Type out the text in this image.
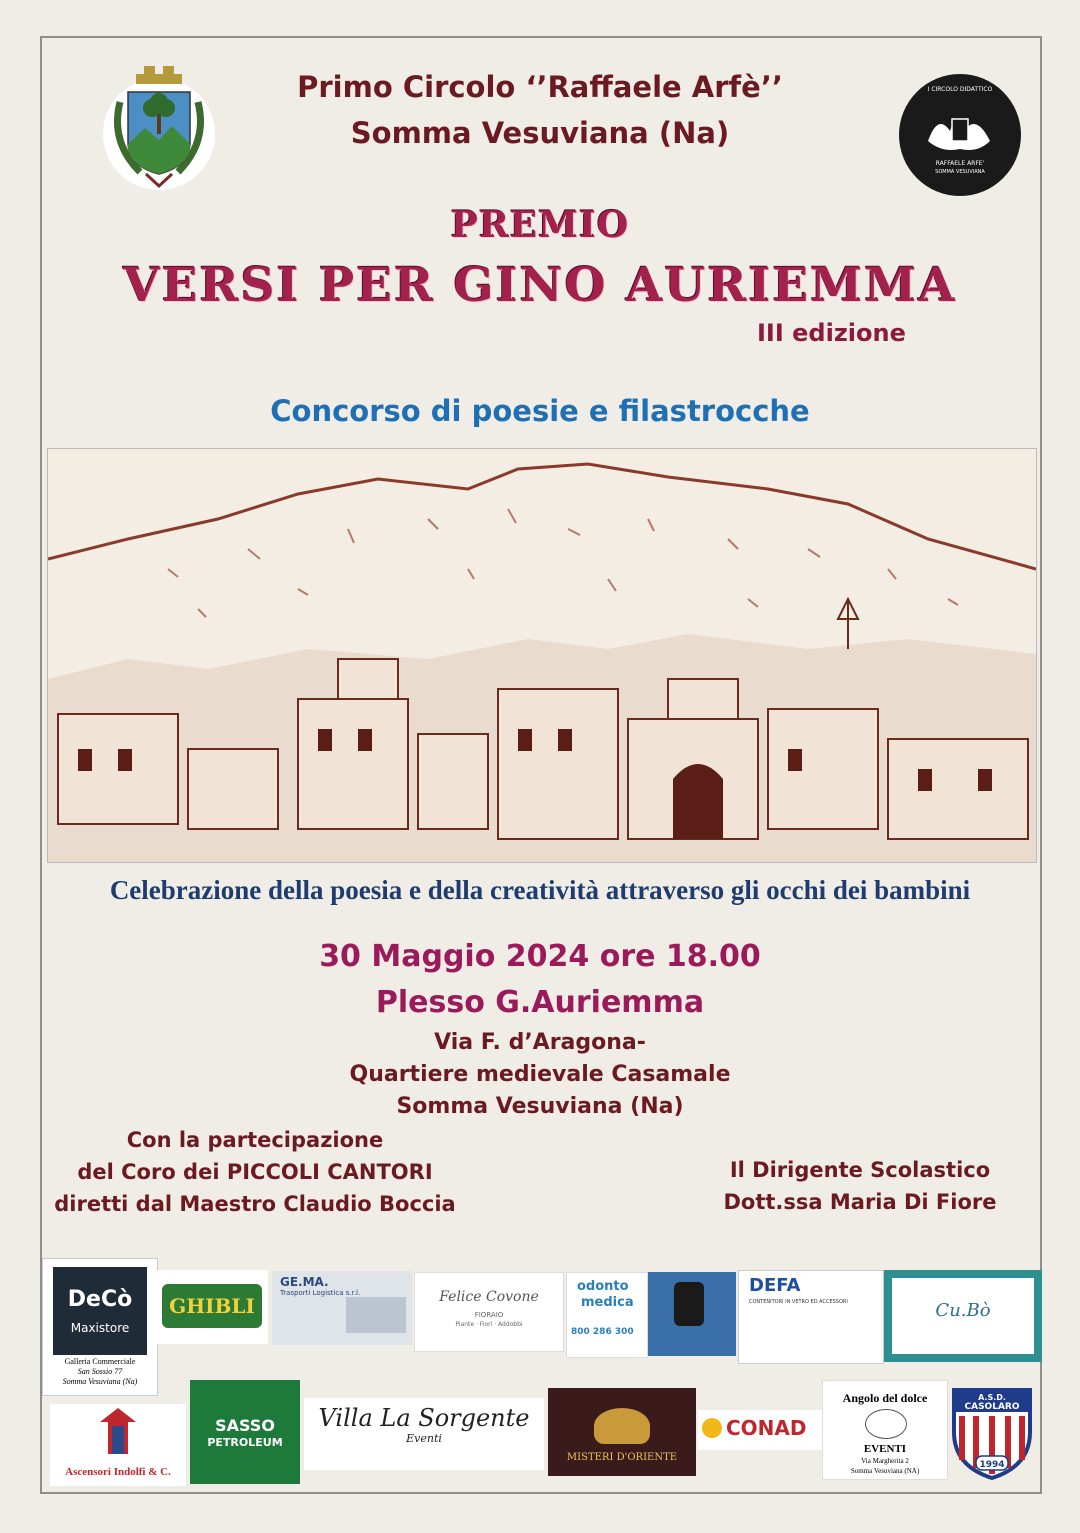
I CIRCOLO DIDATTICO
RAFFAELE ARFE'
SOMMA VESUVIANA
Primo Circolo ‘’Raffaele Arfè’’
Somma Vesuviana (Na)
PREMIO
VERSI PER GINO AURIEMMA
III edizione
Concorso di poesie e filastrocche
Celebrazione della poesia e della creatività attraverso gli occhi dei bambini
30 Maggio 2024 ore 18.00
Plesso G.Auriemma
Via F. d’Aragona-
Quartiere medievale Casamale
Somma Vesuviana (Na)
Con la partecipazione
del Coro dei PICCOLI CANTORI
diretti dal Maestro Claudio Boccia
Il Dirigente Scolastico
Dott.ssa Maria Di Fiore
DeCò
Maxistore
Galleria Commerciale
San Sossio 77
Somma Vesuviana (Na)
GHIBLI
GE.MA.
Trasporti Logistica s.r.l.	Felice Covone
FIORAIO
Piante · Fiori · Addobbi
odonto
medica
800 286 300
DEFA
CONTENITORI IN VETRO ED ACCESSORI	Cu.Bò
Ascensori Indolfi & C.
SASSO
PETROLEUM
Villa La Sorgente
Eventi
MISTERI D'ORIENTE
CONAD
Angolo del dolce
EVENTI
Via Margherita 2
Somma Vesuviana (NA)
A.S.D.
CASOLARO
1994
